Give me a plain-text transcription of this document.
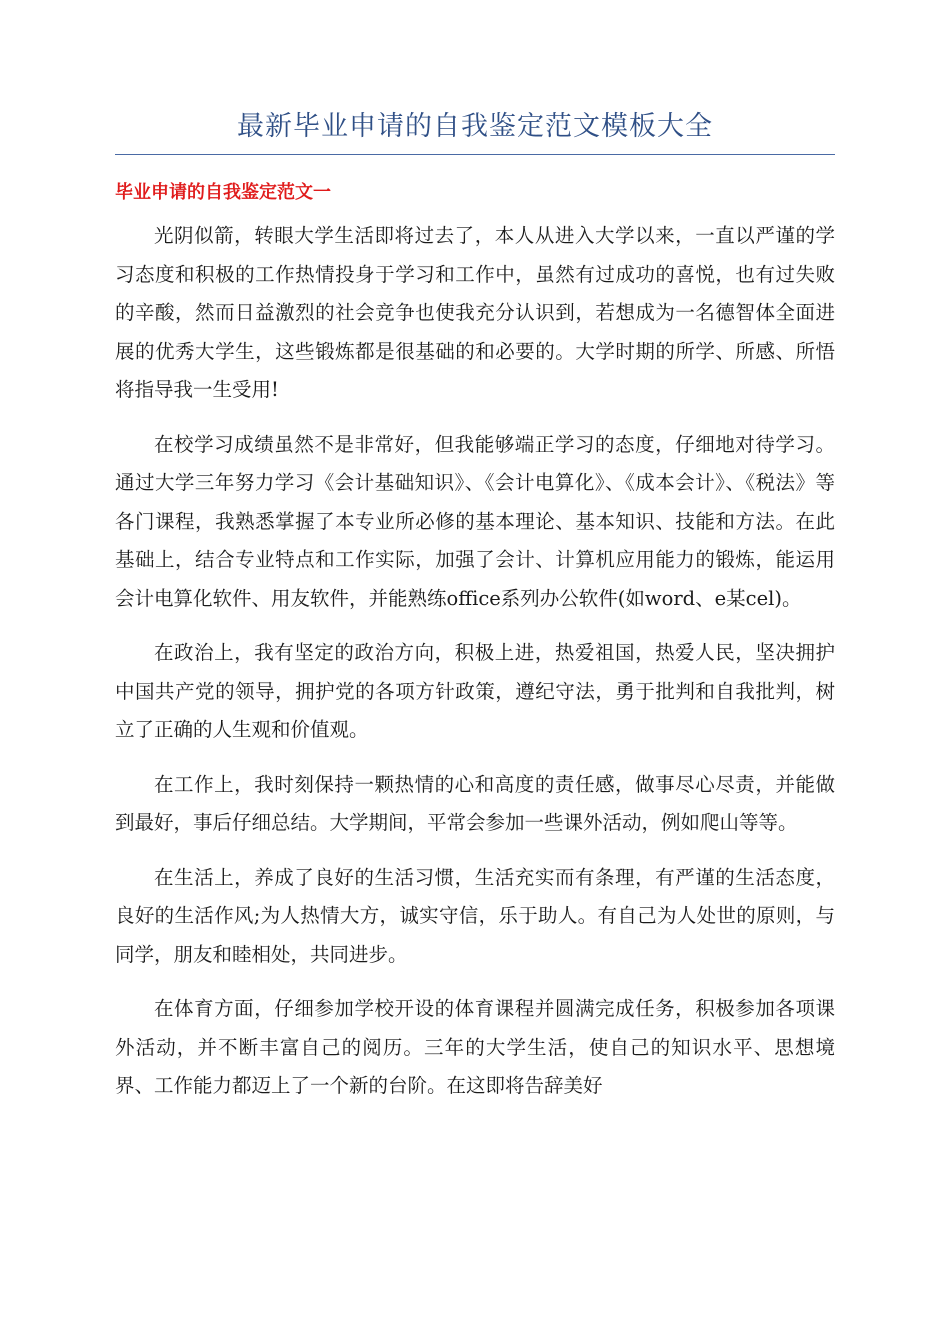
最新毕业申请的自我鉴定范文模板大全
毕业申请的自我鉴定范文一

光阴似箭，转眼大学生活即将过去了，本人从进入大学以来，一直以严谨的学习态度和积极的工作热情投身于学习和工作中，虽然有过成功的喜悦，也有过失败的辛酸，然而日益激烈的社会竞争也使我充分认识到，若想成为一名德智体全面进展的优秀大学生，这些锻炼都是很基础的和必要的。大学时期的所学、所感、所悟将指导我一生受用!

在校学习成绩虽然不是非常好，但我能够端正学习的态度，仔细地对待学习。通过大学三年努力学习《会计基础知识》、《会计电算化》、《成本会计》、《税法》等各门课程，我熟悉掌握了本专业所必修的基本理论、基本知识、技能和方法。在此基础上，结合专业特点和工作实际，加强了会计、计算机应用能力的锻炼，能运用会计电算化软件、用友软件，并能熟练office系列办公软件(如word、e某cel)。

在政治上，我有坚定的政治方向，积极上进，热爱祖国，热爱人民，坚决拥护中国共产党的领导，拥护党的各项方针政策，遵纪守法，勇于批判和自我批判，树立了正确的人生观和价值观。

在工作上，我时刻保持一颗热情的心和高度的责任感，做事尽心尽责，并能做到最好，事后仔细总结。大学期间，平常会参加一些课外活动，例如爬山等等。

在生活上，养成了良好的生活习惯，生活充实而有条理，有严谨的生活态度，良好的生活作风;为人热情大方，诚实守信，乐于助人。有自己为人处世的原则，与同学，朋友和睦相处，共同进步。

在体育方面，仔细参加学校开设的体育课程并圆满完成任务，积极参加各项课外活动，并不断丰富自己的阅历。三年的大学生活，使自己的知识水平、思想境界、工作能力都迈上了一个新的台阶。在这即将告辞美好
